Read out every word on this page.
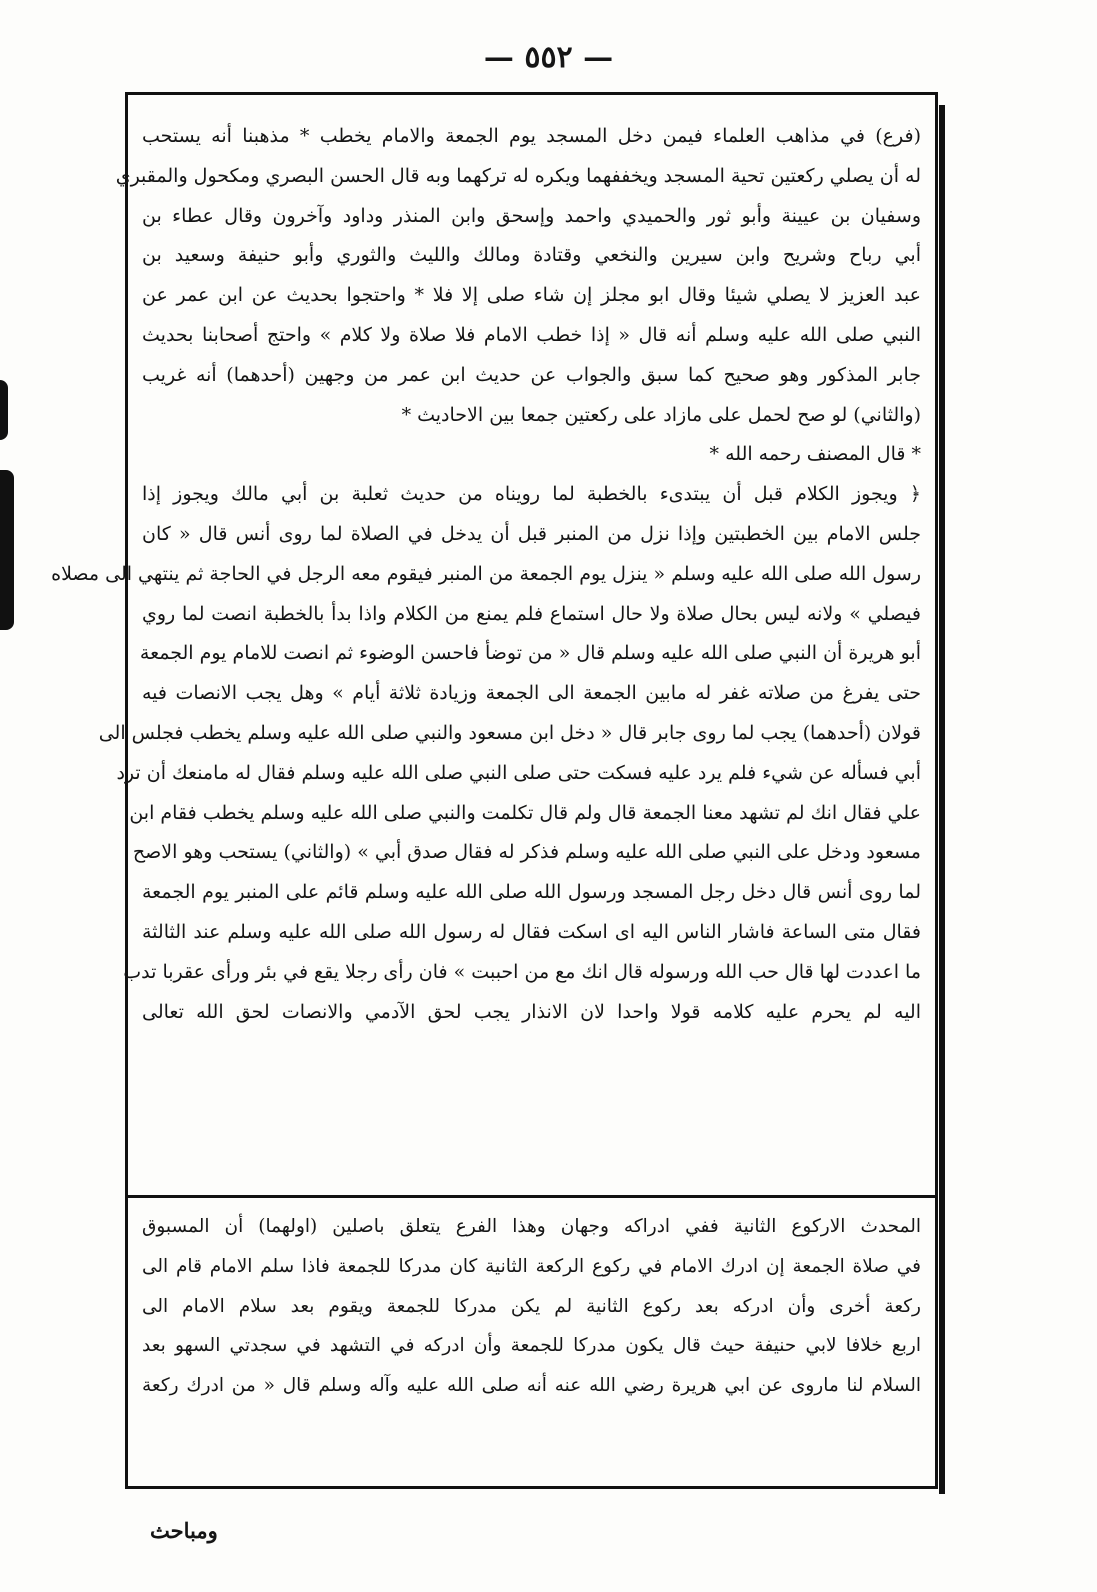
— ٥٥٢ —
(فرع) في مذاهب العلماء فيمن دخل المسجد يوم الجمعة والامام يخطب * مذهبنا أنه يستحب
له أن يصلي ركعتين تحية المسجد ويخففهما ويكره له تركهما وبه قال الحسن البصري ومكحول والمقبري
وسفيان بن عيينة وأبو ثور والحميدي واحمد وإسحق وابن المنذر وداود وآخرون وقال عطاء بن
أبي رباح وشريح وابن سيرين والنخعي وقتادة ومالك والليث والثوري وأبو حنيفة وسعيد بن
عبد العزيز لا يصلي شيئا وقال ابو مجلز إن شاء صلى إلا فلا * واحتجوا بحديث عن ابن عمر عن
النبي صلى الله عليه وسلم أنه قال « إذا خطب الامام فلا صلاة ولا كلام » واحتج أصحابنا بحديث
جابر المذكور وهو صحيح كما سبق والجواب عن حديث ابن عمر من وجهين (أحدهما) أنه غريب
(والثاني) لو صح لحمل على مازاد على ركعتين جمعا بين الاحاديث *
* قال المصنف رحمه الله *
﴿ ويجوز الكلام قبل أن يبتدىء بالخطبة لما رويناه من حديث ثعلبة بن أبي مالك ويجوز إذا
جلس الامام بين الخطبتين وإذا نزل من المنبر قبل أن يدخل في الصلاة لما روى أنس قال « كان
رسول الله صلى الله عليه وسلم « ينزل يوم الجمعة من المنبر فيقوم معه الرجل في الحاجة ثم ينتهي الى مصلاه
فيصلي » ولانه ليس بحال صلاة ولا حال استماع فلم يمنع من الكلام واذا بدأ بالخطبة انصت لما روي
أبو هريرة أن النبي صلى الله عليه وسلم قال « من توضأ فاحسن الوضوء ثم انصت للامام يوم الجمعة
حتى يفرغ من صلاته غفر له مابين الجمعة الى الجمعة وزيادة ثلاثة أيام » وهل يجب الانصات فيه
قولان (أحدهما) يجب لما روى جابر قال « دخل ابن مسعود والنبي صلى الله عليه وسلم يخطب فجلس الى
أبي فسأله عن شيء فلم يرد عليه فسكت حتى صلى النبي صلى الله عليه وسلم فقال له مامنعك أن ترد
علي فقال انك لم تشهد معنا الجمعة قال ولم قال تكلمت والنبي صلى الله عليه وسلم يخطب فقام ابن
مسعود ودخل على النبي صلى الله عليه وسلم فذكر له فقال صدق أبي » (والثاني) يستحب وهو الاصح
لما روى أنس قال دخل رجل المسجد ورسول الله صلى الله عليه وسلم قائم على المنبر يوم الجمعة
فقال متى الساعة فاشار الناس اليه اى اسكت فقال له رسول الله صلى الله عليه وسلم عند الثالثة
ما اعددت لها قال حب الله ورسوله قال انك مع من احببت » فان رأى رجلا يقع في بئر ورأى عقربا تدب
اليه لم يحرم عليه كلامه قولا واحدا لان الانذار يجب لحق الآدمي والانصات لحق الله تعالى
المحدث الاركوع الثانية ففي ادراكه وجهان وهذا الفرع يتعلق باصلين (اولهما) أن المسبوق
في صلاة الجمعة إن ادرك الامام في ركوع الركعة الثانية كان مدركا للجمعة فاذا سلم الامام قام الى
ركعة أخرى وأن ادركه بعد ركوع الثانية لم يكن مدركا للجمعة ويقوم بعد سلام الامام الى
اربع خلافا لابي حنيفة حيث قال يكون مدركا للجمعة وأن ادركه في التشهد في سجدتي السهو بعد
السلام لنا ماروى عن ابي هريرة رضي الله عنه أنه صلى الله عليه وآله وسلم قال « من ادرك ركعة
ومباحث
